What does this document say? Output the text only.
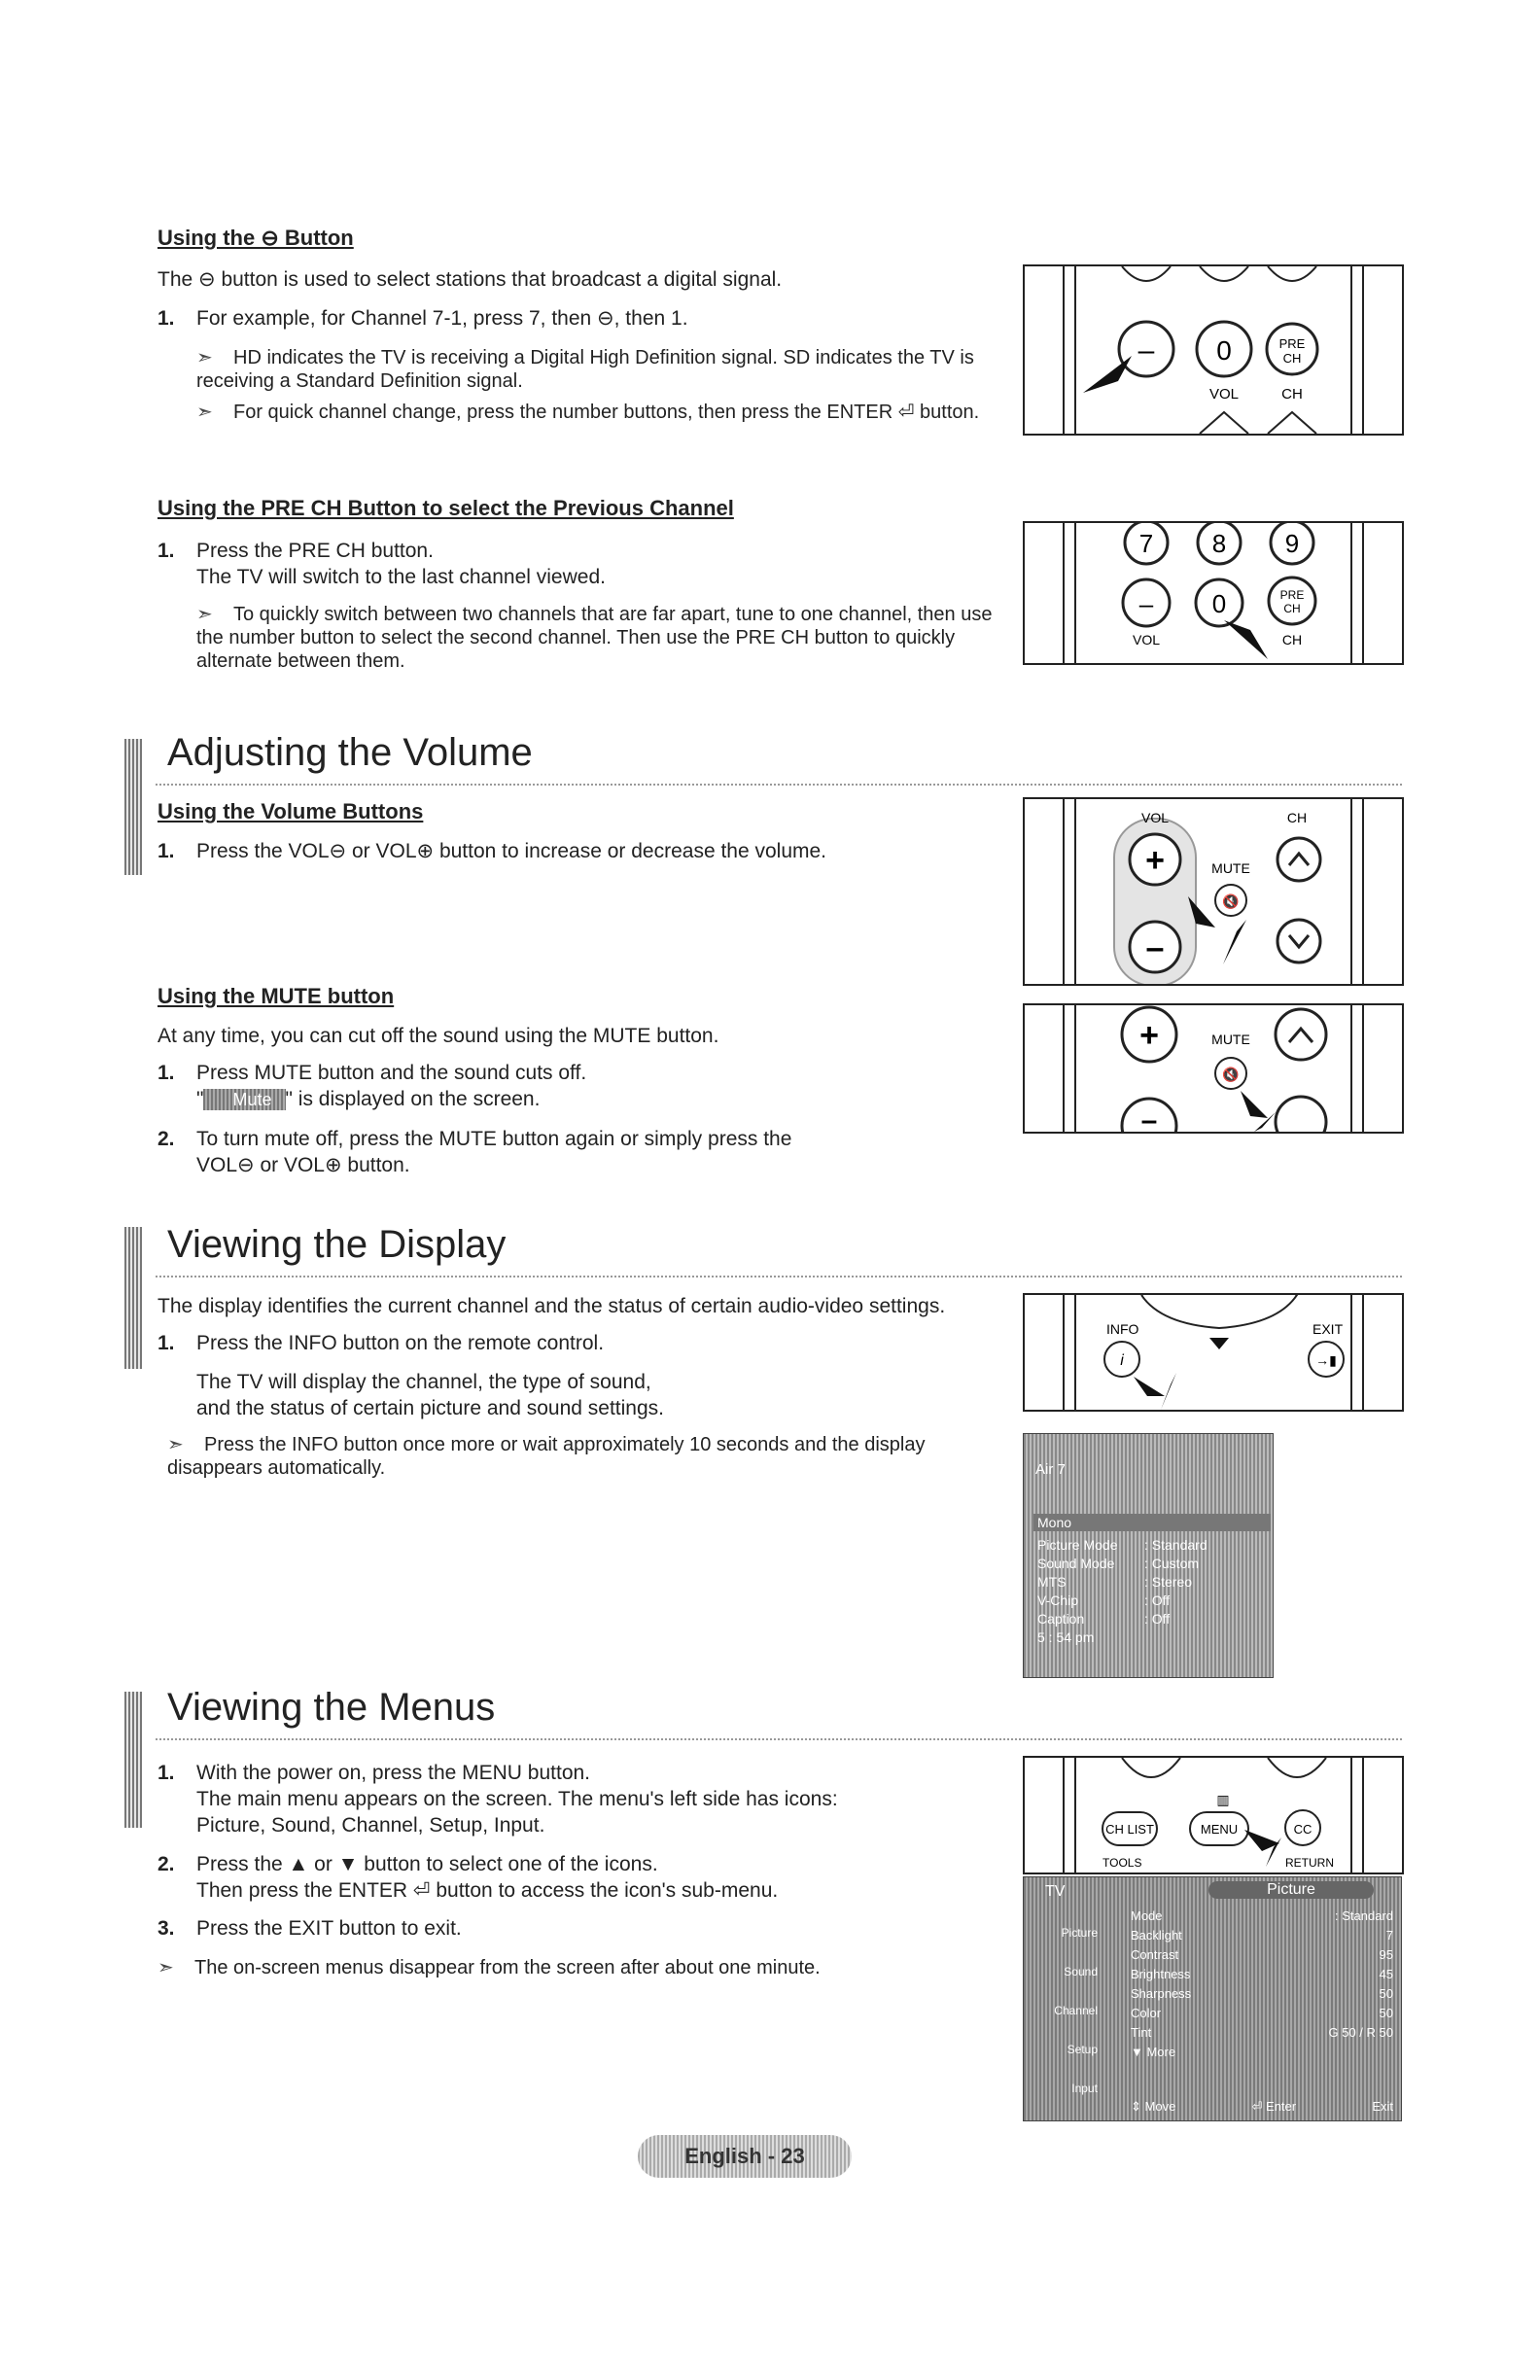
Using the ⊖ Button
The ⊖ button is used to select stations that broadcast a digital signal.
1. For example, for Channel 7-1, press 7, then ⊖, then 1.
➣ HD indicates the TV is receiving a Digital High Definition signal. SD indicates the TV is receiving a Standard Definition signal.
➣ For quick channel change, press the number buttons, then press the ENTER ⏎ button.
– 0	PRE
CH
VOL	CH
Using the PRE CH Button to select the Previous Channel
1. Press the PRE CH button.
The TV will switch to the last channel viewed.
➣ To quickly switch between two channels that are far apart, tune to one channel, then use the number button to select the second channel. Then use the PRE CH button to quickly alternate between them.
7 8 9
– 0	PRE
CH
VOL	CH
Adjusting the Volume
Using the Volume Buttons
1. Press the VOL⊖ or VOL⊕ button to increase or decrease the volume.
VOL	CH
+
–
MUTE
🔇
Using the MUTE button
At any time, you can cut off the sound using the MUTE button.
1. Press MUTE button and the sound cuts off.
" Mute " is displayed on the screen.
2. To turn mute off, press the MUTE button again or simply press the
VOL⊖ or VOL⊕ button.
+
–
MUTE
🔇
Viewing the Display
The display identifies the current channel and the status of certain audio-video settings.
1. Press the INFO button on the remote control.
The TV will display the channel, the type of sound,
and the status of certain picture and sound settings.
➣ Press the INFO button once more or wait approximately 10 seconds and the display disappears automatically.
INFO
i
EXIT
→▮
Air 7
Mono
Picture Mode	: Standard
Sound Mode	: Custom
MTS	: Stereo
V-Chip	: Off
Caption	: Off
5 : 54 pm
Viewing the Menus
1. With the power on, press the MENU button.
The main menu appears on the screen. The menu's left side has icons:
Picture, Sound, Channel, Setup, Input.
2. Press the ▲ or ▼ button to select one of the icons.
Then press the ENTER ⏎ button to access the icon's sub-menu.
3. Press the EXIT button to exit.
➣ The on-screen menus disappear from the screen after about one minute.
CH LIST	MENU
▥
CC
TOOLS	RETURN
TV	Picture
Picture
Sound
Channel
Setup
Input
Mode	: Standard
Backlight	7
Contrast	95
Brightness	45
Sharpness	50
Color	50
Tint	G 50 / R 50
▼ More
⇕ Move	⏎ Enter	Exit
English - 23
